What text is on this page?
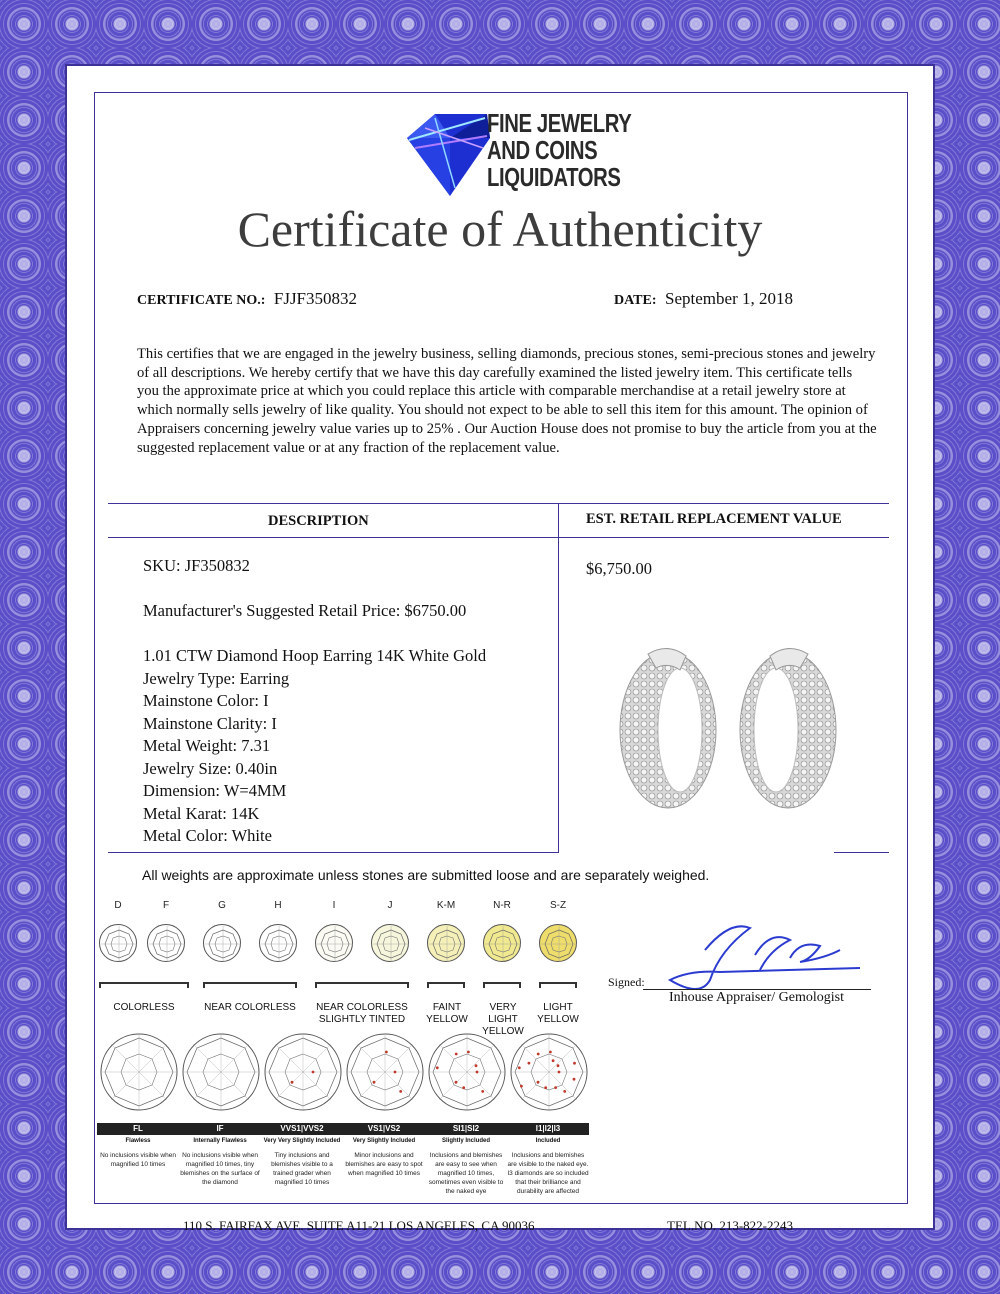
FINE JEWELRY
AND COINS
LIQUIDATORS
Certificate of Authenticity
CERTIFICATE NO.: FJJF350832	DATE: September 1, 2018
This certifies that we are engaged in the jewelry business, selling diamonds, precious stones, semi-precious stones and jewelry of all descriptions. We hereby certify that we have this day carefully examined the listed jewelry item. This certificate tells you the approximate price at which you could replace this article with comparable merchandise at a retail jewelry store at which normally sells jewelry of like quality. You should not expect to be able to sell this item for this amount. The opinion of Appraisers concerning jewelry value varies up to 25% . Our Auction House does not promise to buy the article from you at the suggested replacement value or at any fraction of the replacement value.
DESCRIPTION	EST. RETAIL REPLACEMENT VALUE
SKU: JF350832
Manufacturer's Suggested Retail Price: $6750.00
1.01 CTW Diamond Hoop Earring 14K White Gold
Jewelry Type: Earring
Mainstone Color: I
Mainstone Clarity: I
Metal Weight: 7.31
Jewelry Size: 0.40in
Dimension: W=4MM
Metal Karat: 14K
Metal Color: White
$6,750.00
All weights are approximate unless stones are submitted loose and are separately weighed.
D	F	G	H	I	J	K-M	N-R	S-Z
COLORLESS	NEAR COLORLESS	NEAR COLORLESS
SLIGHTLY TINTED
FAINT
YELLOW
VERY LIGHT
YELLOW
LIGHT
YELLOW
FL
Flawless
No inclusions visible when magnified 10 times
IF
Internally Flawless
No inclusions visible when magnified 10 times, tiny blemishes on the surface of the diamond
VVS1|VVS2
Very Very Slightly Included
Tiny inclusions and blemishes visible to a trained grader when magnified 10 times
VS1|VS2
Very Slightly Included
Minor inclusions and blemishes are easy to spot when magnified 10 times
SI1|SI2
Slightly Included
Inclusions and blemishes are easy to see when magnified 10 times, sometimes even visible to the naked eye
I1|I2|I3
Included
Inclusions and blemishes are visible to the naked eye. I3 diamonds are so included that their brilliance and durability are affected
Signed:
Inhouse Appraiser/ Gemologist
110 S. FAIRFAX AVE. SUITE A11-21 LOS ANGELES, CA 90036	TEL.NO. 213-822-2243
